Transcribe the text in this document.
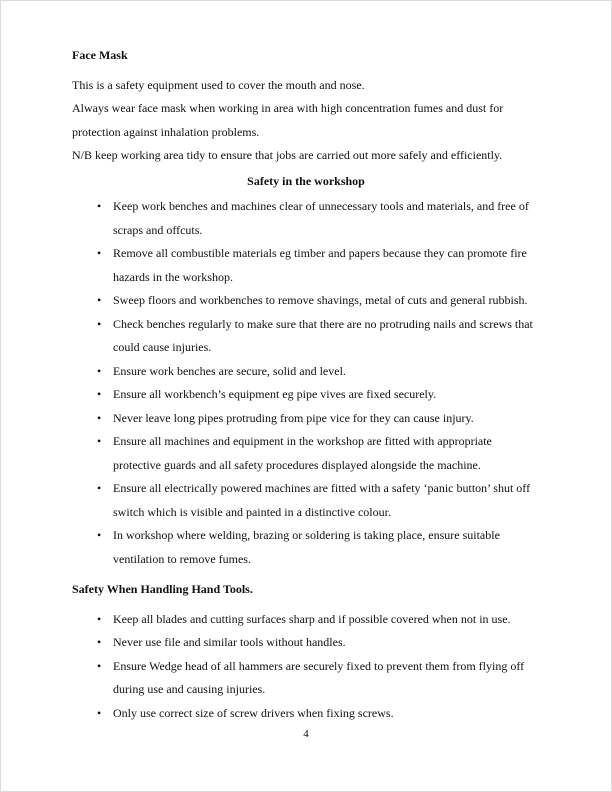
Face Mask

This is a safety equipment used to cover the mouth and nose.

Always wear face mask when working in area with high concentration fumes and dust for protection against inhalation problems.

N/B keep working area tidy to ensure that jobs are carried out more safely and efficiently.

Safety in the workshop
• Keep work benches and machines clear of unnecessary tools and materials, and free of scraps and offcuts.
• Remove all combustible materials eg timber and papers because they can promote fire hazards in the workshop.
• Sweep floors and workbenches to remove shavings, metal of cuts and general rubbish.
• Check benches regularly to make sure that there are no protruding nails and screws that could cause injuries.
• Ensure work benches are secure, solid and level.
• Ensure all workbench’s equipment eg pipe vives are fixed securely.
• Never leave long pipes protruding from pipe vice for they can cause injury.
• Ensure all machines and equipment in the workshop are fitted with appropriate protective guards and all safety procedures displayed alongside the machine.
• Ensure all electrically powered machines are fitted with a safety ‘panic button’ shut off switch which is visible and painted in a distinctive colour.
• In workshop where welding, brazing or soldering is taking place, ensure suitable ventilation to remove fumes.
Safety When Handling Hand Tools.
• Keep all blades and cutting surfaces sharp and if possible covered when not in use.
• Never use file and similar tools without handles.
• Ensure Wedge head of all hammers are securely fixed to prevent them from flying off during use and causing injuries.
• Only use correct size of screw drivers when fixing screws.
4
